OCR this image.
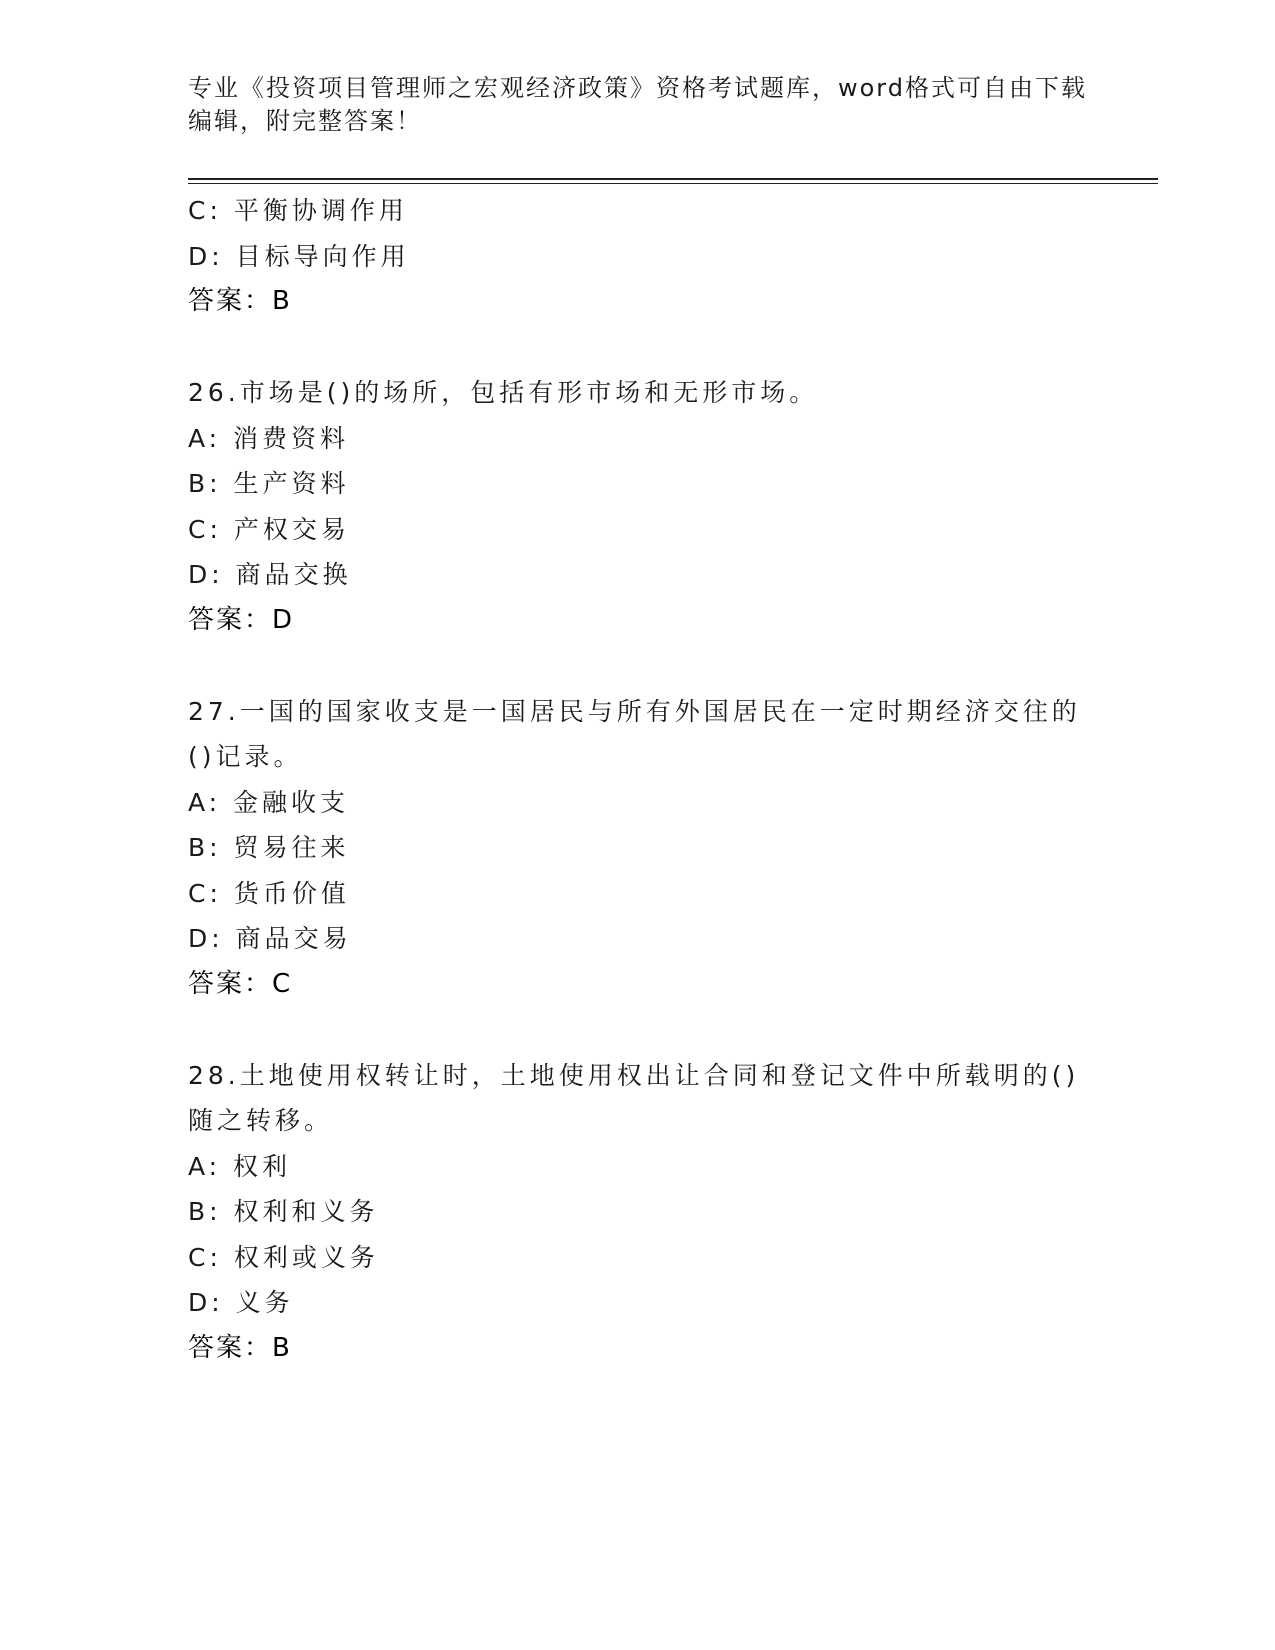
专业《投资项目管理师之宏观经济政策》资格考试题库，word格式可自由下载编辑，附完整答案！
C: 平衡协调作用
D: 目标导向作用
答案：B
26.市场是()的场所，包括有形市场和无形市场。
A: 消费资料
B: 生产资料
C: 产权交易
D: 商品交换
答案：D
27.一国的国家收支是一国居民与所有外国居民在一定时期经济交往的()记录。
A: 金融收支
B: 贸易往来
C: 货币价值
D: 商品交易
答案：C
28.土地使用权转让时，土地使用权出让合同和登记文件中所载明的()随之转移。
A: 权利
B: 权利和义务
C: 权利或义务
D: 义务
答案：B
